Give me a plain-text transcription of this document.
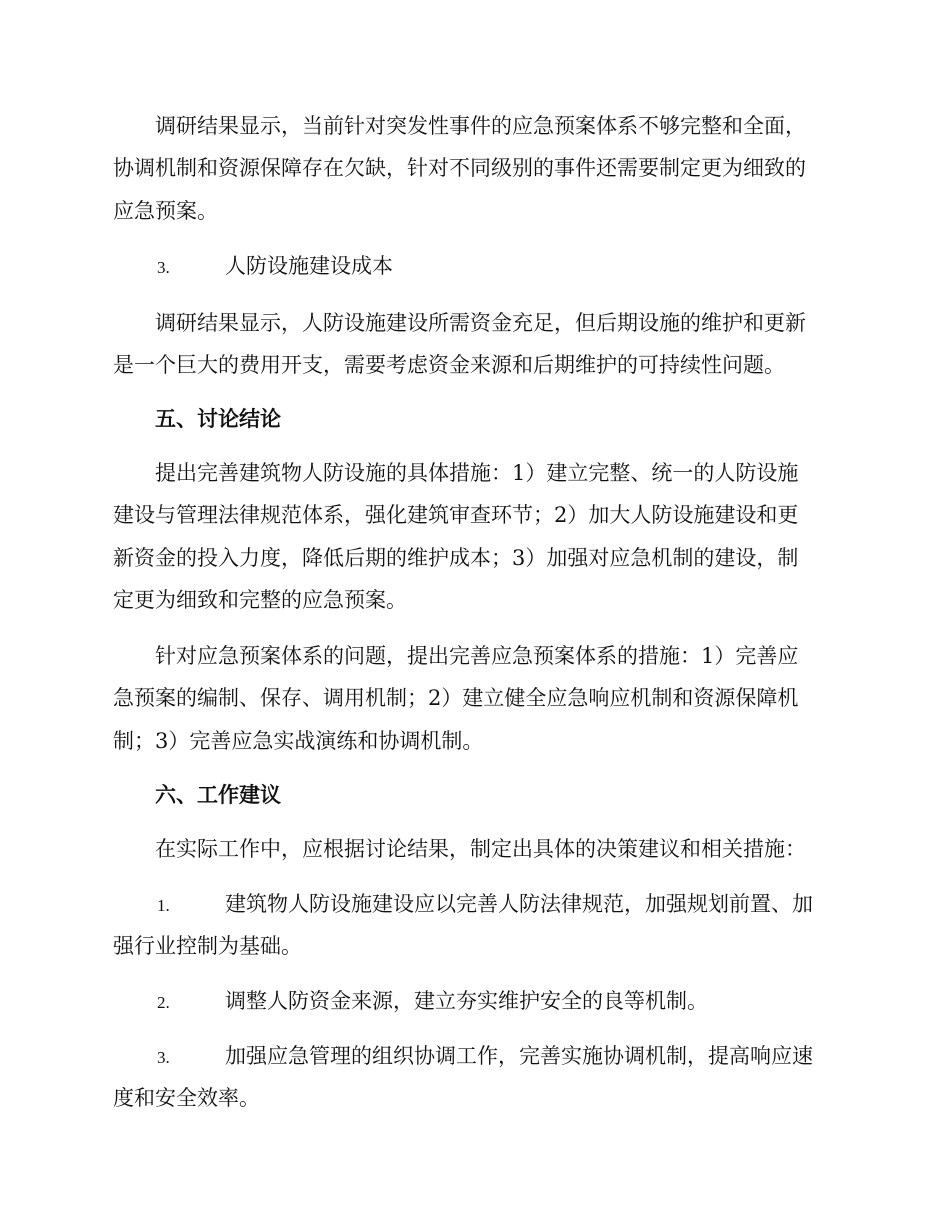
调研结果显示，当前针对突发性事件的应急预案体系不够完整和全面，
协调机制和资源保障存在欠缺，针对不同级别的事件还需要制定更为细致的
应急预案。
3.	人防设施建设成本
调研结果显示，人防设施建设所需资金充足，但后期设施的维护和更新
是一个巨大的费用开支，需要考虑资金来源和后期维护的可持续性问题。
五、讨论结论
提出完善建筑物人防设施的具体措施：1）建立完整、统一的人防设施
建设与管理法律规范体系，强化建筑审查环节；2）加大人防设施建设和更
新资金的投入力度，降低后期的维护成本；3）加强对应急机制的建设，制
定更为细致和完整的应急预案。
针对应急预案体系的问题，提出完善应急预案体系的措施：1）完善应
急预案的编制、保存、调用机制；2）建立健全应急响应机制和资源保障机
制；3）完善应急实战演练和协调机制。
六、工作建议
在实际工作中，应根据讨论结果，制定出具体的决策建议和相关措施：
1.	建筑物人防设施建设应以完善人防法律规范，加强规划前置、加
强行业控制为基础。
2.	调整人防资金来源，建立夯实维护安全的良等机制。
3.	加强应急管理的组织协调工作，完善实施协调机制，提高响应速
度和安全效率。
